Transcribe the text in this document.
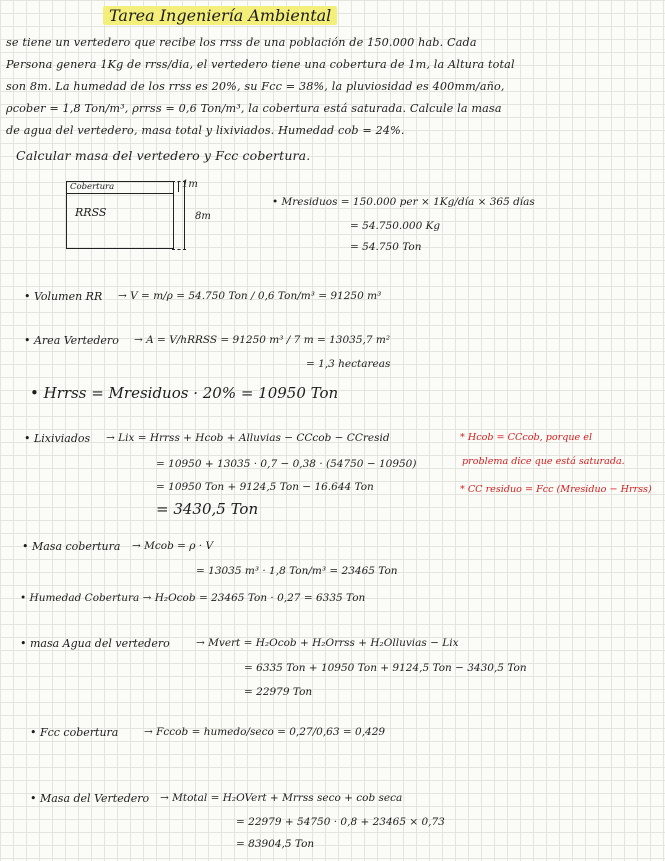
Tarea Ingeniería Ambiental
se tiene un vertedero que recibe los rrss de una población de 150.000 hab. Cada
Persona genera 1Kg de rrss/dia, el vertedero tiene una cobertura de 1m, la Altura total
son 8m. La humedad de los rrss es 20%, su Fcc = 38%, la pluviosidad es 400mm/año,
ρcober = 1,8 Ton/m³, ρrrss = 0,6 Ton/m³, la cobertura está saturada. Calcule la masa
de agua del vertedero, masa total y lixiviados. Humedad cob = 24%.
Calcular masa del vertedero y Fcc cobertura.
Cobertura
RRSS
1m
8m
• Mresiduos = 150.000 per × 1Kg/día × 365 días
= 54.750.000 Kg
= 54.750 Ton
• Volumen RR → V = m/ρ = 54.750 Ton / 0,6 Ton/m³ = 91250 m³
• Area Vertedero → A = V/hRRSS = 91250 m³ / 7 m = 13035,7 m²
= 1,3 hectareas
• Hrrss = Mresiduos · 20% = 10950 Ton
• Lixiviados → Lix = Hrrss + Hcob + Alluvias − CCcob − CCresid
= 10950 + 13035 · 0,7 − 0,38 · (54750 − 10950)
= 10950 Ton + 9124,5 Ton − 16.644 Ton
= 3430,5 Ton
* Hcob = CCcob, porque el
problema dice que está saturada.
* CC residuo = Fcc (Mresiduo − Hrrss)
• Masa cobertura → Mcob = ρ · V
= 13035 m³ · 1,8 Ton/m³ = 23465 Ton
• Humedad Cobertura → H₂Ocob = 23465 Ton · 0,27 = 6335 Ton
• masa Agua del vertedero	→ Mvert = H₂Ocob + H₂Orrss + H₂Olluvias − Lix
= 6335 Ton + 10950 Ton + 9124,5 Ton − 3430,5 Ton
= 22979 Ton
• Fcc cobertura → Fccob = humedo/seco = 0,27/0,63 = 0,429
• Masa del Vertedero → Mtotal = H₂OVert + Mrrss seco + cob seca
= 22979 + 54750 · 0,8 + 23465 × 0,73
= 83904,5 Ton
